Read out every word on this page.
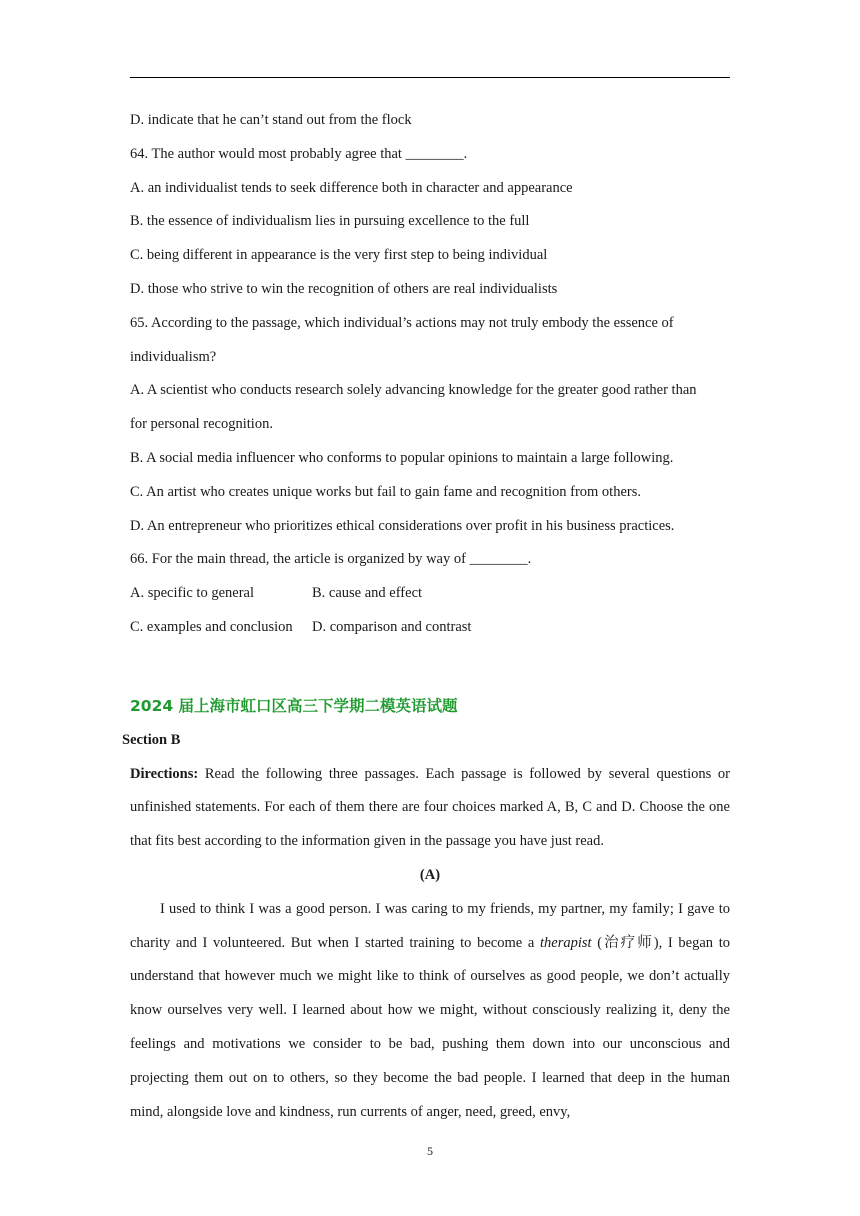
D. indicate that he can’t stand out from the flock
64. The author would most probably agree that ________.
A. an individualist tends to seek difference both in character and appearance
B. the essence of individualism lies in pursuing excellence to the full
C. being different in appearance is the very first step to being individual
D. those who strive to win the recognition of others are real individualists
65. According to the passage, which individual’s actions may not truly embody the essence of
individualism?
A. A scientist who conducts research solely advancing knowledge for the greater good rather than
for personal recognition.
B. A social media influencer who conforms to popular opinions to maintain a large following.
C. An artist who creates unique works but fail to gain fame and recognition from others.
D. An entrepreneur who prioritizes ethical considerations over profit in his business practices.
66. For the main thread, the article is organized by way of ________.
A. specific to general	B. cause and effect
C. examples and conclusion	D. comparison and contrast
2024 届上海市虹口区高三下学期二模英语试题
Section B
Directions: Read the following three passages. Each passage is followed by several questions or unfinished statements. For each of them there are four choices marked A, B, C and D. Choose the one that fits best according to the information given in the passage you have just read.
(A)
I used to think I was a good person. I was caring to my friends, my partner, my family; I gave to charity and I volunteered. But when I started training to become a therapist (治疗师), I began to understand that however much we might like to think of ourselves as good people, we don’t actually know ourselves very well. I learned about how we might, without consciously realizing it, deny the feelings and motivations we consider to be bad, pushing them down into our unconscious and projecting them out on to others, so they become the bad people. I learned that deep in the human mind, alongside love and kindness, run currents of anger, need, greed, envy,
5
